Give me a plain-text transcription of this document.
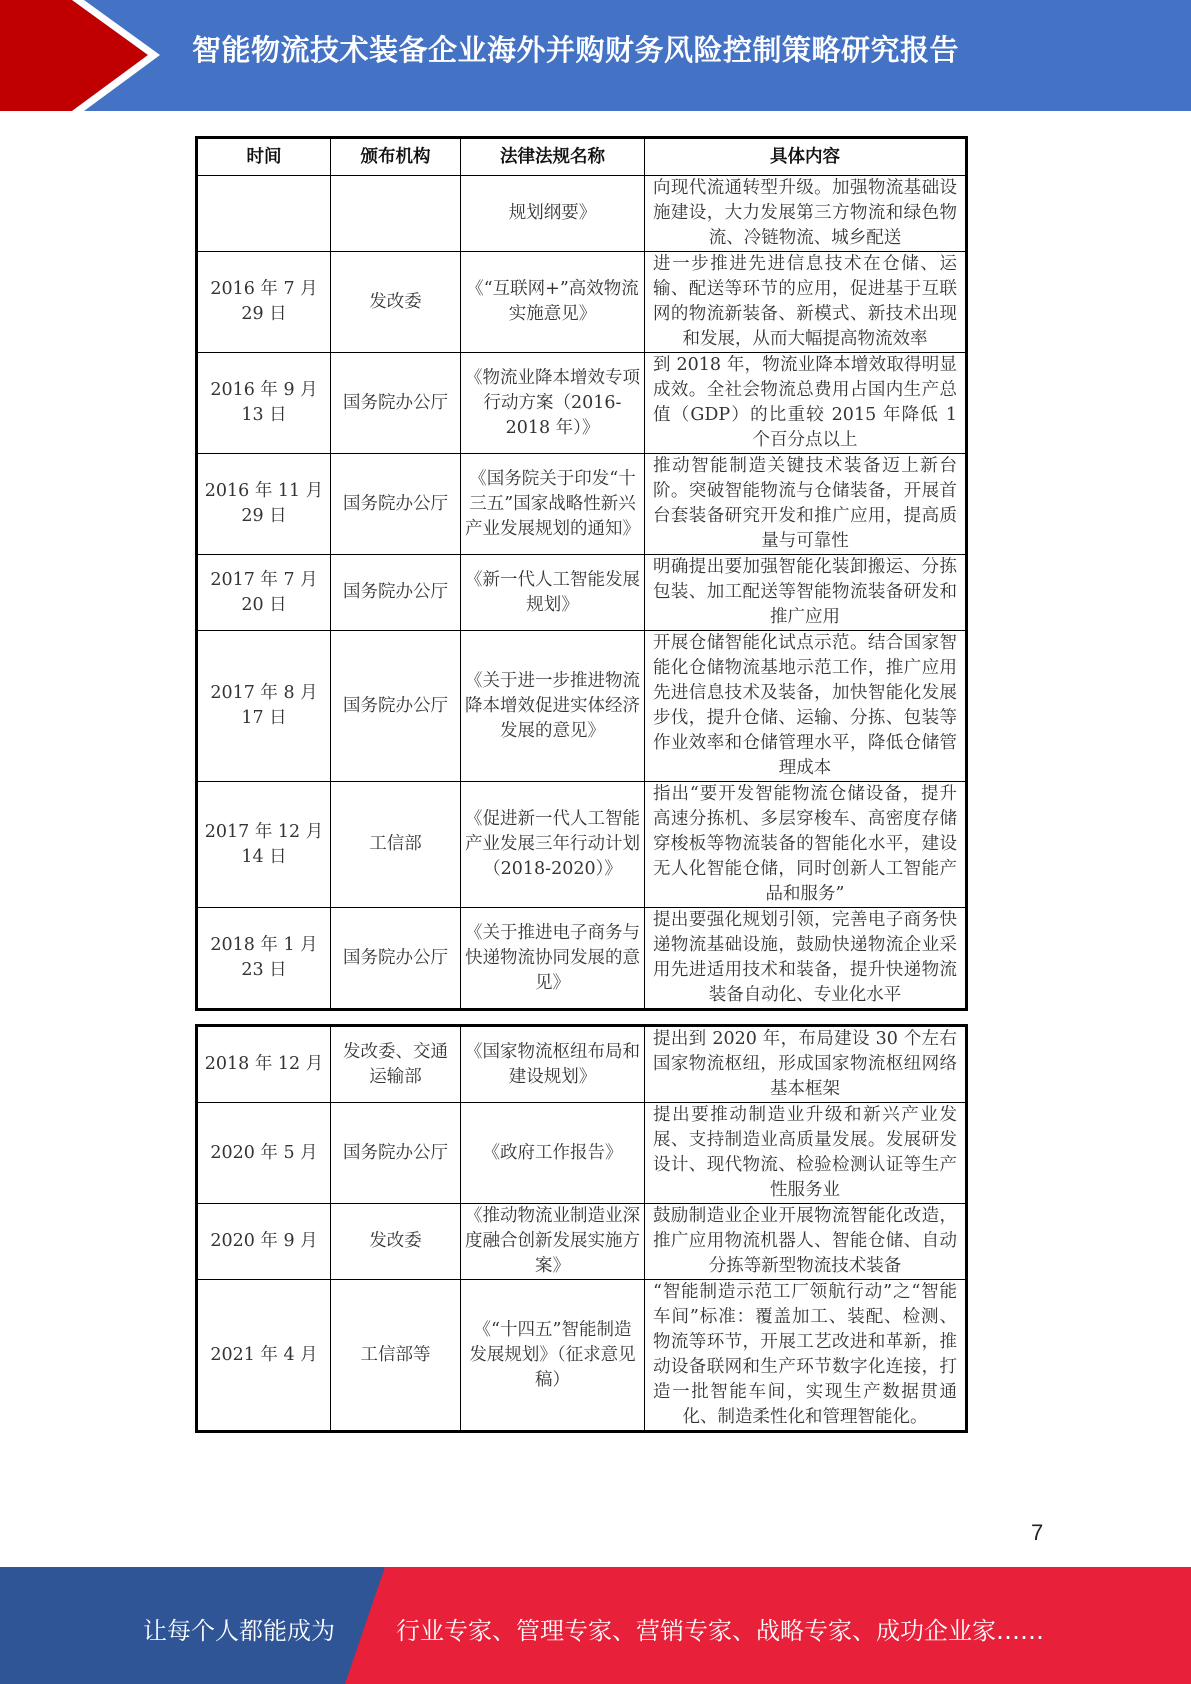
智能物流技术装备企业海外并购财务风险控制策略研究报告
时间	颁布机构	法律法规名称	具体内容
		规划纲要》	向现代流通转型升级。加强物流基础设施建设，大力发展第三方物流和绿色物流、冷链物流、城乡配送
2016 年 7 月 29 日	发改委	《“互联网+”高效物流实施意见》	进一步推进先进信息技术在仓储、运输、配送等环节的应用，促进基于互联网的物流新装备、新模式、新技术出现和发展，从而大幅提高物流效率
2016 年 9 月 13 日	国务院办公厅	《物流业降本增效专项行动方案（2016-2018 年）》	到 2018 年，物流业降本增效取得明显成效。全社会物流总费用占国内生产总值（GDP）的比重较 2015 年降低 1 个百分点以上
2016 年 11 月 29 日	国务院办公厅	《国务院关于印发“十三五”国家战略性新兴产业发展规划的通知》	推动智能制造关键技术装备迈上新台阶。突破智能物流与仓储装备，开展首台套装备研究开发和推广应用，提高质量与可靠性
2017 年 7 月 20 日	国务院办公厅	《新一代人工智能发展规划》	明确提出要加强智能化装卸搬运、分拣包装、加工配送等智能物流装备研发和推广应用
2017 年 8 月 17 日	国务院办公厅	《关于进一步推进物流降本增效促进实体经济发展的意见》	开展仓储智能化试点示范。结合国家智能化仓储物流基地示范工作，推广应用先进信息技术及装备，加快智能化发展步伐，提升仓储、运输、分拣、包装等作业效率和仓储管理水平，降低仓储管理成本
2017 年 12 月 14 日	工信部	《促进新一代人工智能产业发展三年行动计划（2018-2020）》	指出“要开发智能物流仓储设备，提升高速分拣机、多层穿梭车、高密度存储穿梭板等物流装备的智能化水平，建设无人化智能仓储，同时创新人工智能产品和服务”
2018 年 1 月 23 日	国务院办公厅	《关于推进电子商务与快递物流协同发展的意见》	提出要强化规划引领，完善电子商务快递物流基础设施，鼓励快递物流企业采用先进适用技术和装备，提升快递物流装备自动化、专业化水平
2018 年 12 月	发改委、交通运输部	《国家物流枢纽布局和建设规划》	提出到 2020 年，布局建设 30 个左右国家物流枢纽，形成国家物流枢纽网络基本框架
2020 年 5 月	国务院办公厅	《政府工作报告》	提出要推动制造业升级和新兴产业发展、支持制造业高质量发展。发展研发设计、现代物流、检验检测认证等生产性服务业
2020 年 9 月	发改委	《推动物流业制造业深度融合创新发展实施方案》	鼓励制造业企业开展物流智能化改造，推广应用物流机器人、智能仓储、自动分拣等新型物流技术装备
2021 年 4 月	工信部等	《“十四五”智能制造发展规划》（征求意见稿）	“智能制造示范工厂领航行动”之“智能车间”标准：覆盖加工、装配、检测、物流等环节，开展工艺改进和革新，推动设备联网和生产环节数字化连接，打造一批智能车间，实现生产数据贯通化、制造柔性化和管理智能化。
7
让每个人都能成为	行业专家、管理专家、营销专家、战略专家、成功企业家……
